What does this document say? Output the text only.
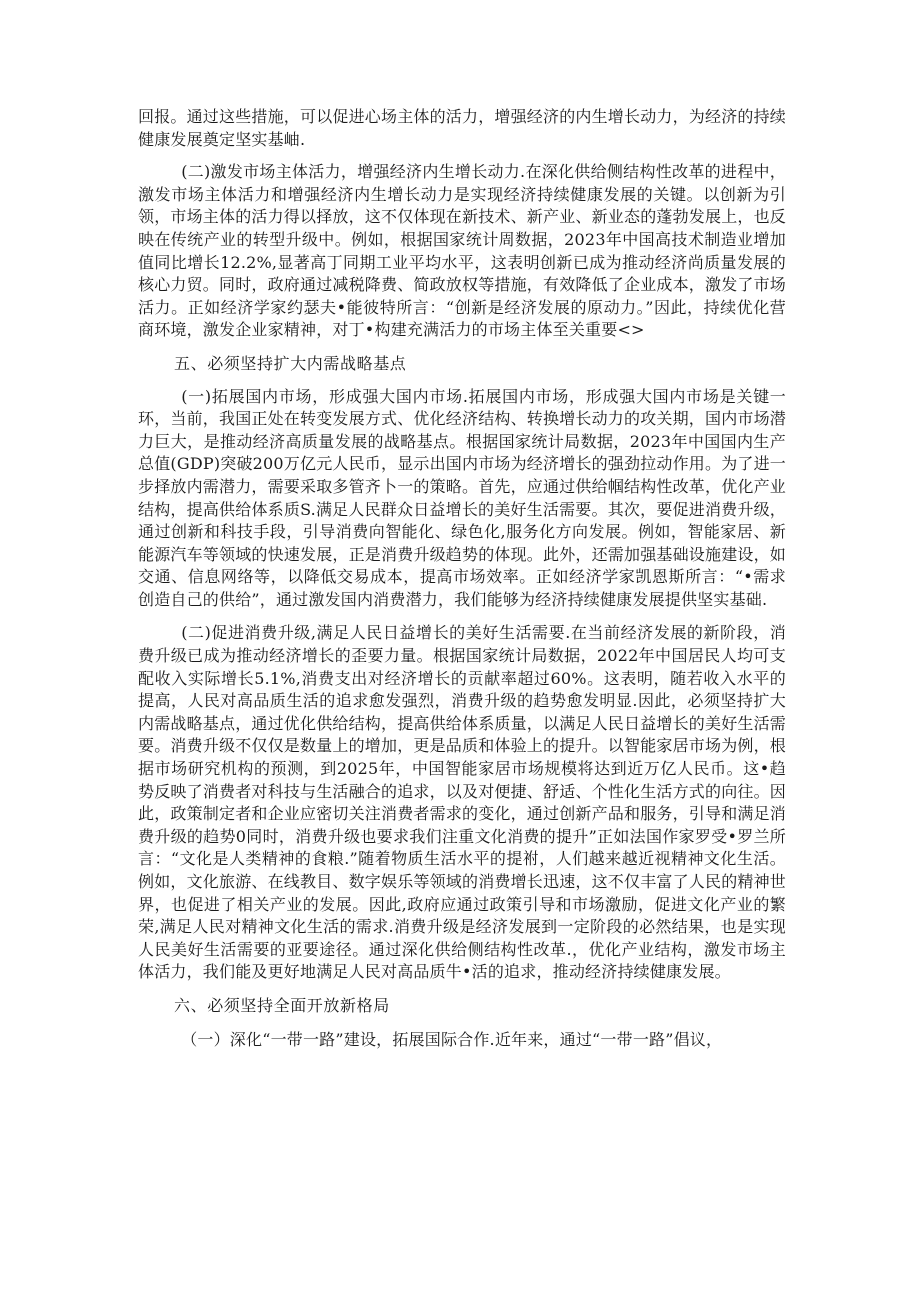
回报。通过这些措施，可以促进心场主体的活力，增强经济的内生增长动力，为经济的持续健康发展奠定坚实基岫.

(二)激发市场主体活力，增强经济内生增长动力.在深化供给侧结构性改革的进程中，激发市场主体活力和增强经济内生增长动力是实现经济持续健康发展的关键。以创新为引领，市场主体的活力得以择放，这不仅体现在新技术、新产业、新业态的蓬勃发展上，也反映在传统产业的转型升级中。例如，根据国家统计周数据，2023年中国高技术制造业增加值同比增长12.2%,显著高丁同期工业平均水平，这表明创新已成为推动经济尚质量发展的核心力贸。同时，政府通过减税降费、简政放权等措施，有效降低了企业成本，激发了市场活力。正如经济学家约瑟夫•能彼特所言：“创新是经济发展的原动力。”因此，持续优化营商环境，激发企业家精神，对丁•构建充满活力的市场主体至关重要<>

五、必须坚持扩大内需战略基点

(一)拓展国内市场，形成强大国内市场.拓展国内市场，形成强大国内市场是关键一环，当前，我国正处在转变发展方式、优化经济结构、转换增长动力的攻关期，国内市场潜力巨大，是推动经济高质量发展的战略基点。根据国家统计局数据，2023年中国国内生产总值(GDP)突破200万亿元人民币，显示出国内市场为经济增长的强劲拉动作用。为了进一步择放内需潜力，需要采取多管齐卜一的策略。首先，应通过供给帼结构性改革，优化产业结构，提高供给体系质S.满足人民群众日益增长的美好生活需要。其次，要促进消费升级，通过创新和科技手段，引导消费向智能化、绿色化,服务化方向发展。例如，智能家居、新能源汽车等领域的快速发展，正是消费升级趋势的体现。此外，还需加强基础设施建设，如交通、信息网络等，以降低交易成本，提高市场效率。正如经济学家凯恩斯所言：“•需求创造自己的供给”，通过激发国内消费潜力，我们能够为经济持续健康发展提供坚实基础.

(二)促进消费升级,满足人民日益增长的美好生活需要.在当前经济发展的新阶段，消费升级已成为推动经济增长的歪要力量。根据国家统计局数据，2022年中国居民人均可支配收入实际增长5.1%,消费支出对经济增长的贡献率超过60%。这表明，随若收入水平的提高，人民对高品质生活的追求愈发强烈，消费升级的趋势愈发明显.因此，必须坚持扩大内需战略基点，通过优化供给结构，提高供给体系质量，以满足人民日益增长的美好生活需要。消费升级不仅仅是数量上的增加，更是品质和体验上的提升。以智能家居市场为例，根据市场研究机构的预测，到2025年，中国智能家居市场规模将达到近万亿人民币。这•趋势反映了消费者对科技与生活融合的追求，以及对便捷、舒适、个性化生活方式的向往。因此，政策制定者和企业应密切关注消费者需求的变化，通过创新产品和服务，引导和满足消费升级的趋势0同时，消费升级也要求我们注重文化消费的提升”正如法国作家罗受•罗兰所言：“文化是人类精神的食粮.”随着物质生活水平的提祔，人们越来越近视精神文化生活。例如，文化旅游、在线教目、数字娱乐等领域的消费增长迅速，这不仅丰富了人民的精神世界，也促进了相关产业的发展。因此,政府应通过政策引导和市场激励，促进文化产业的繁荣,满足人民对精神文化生活的需求.消费升级是经济发展到一定阶段的必然结果，也是实现人民美好生活需要的亚要途径。通过深化供给侧结构性改革.，优化产业结构，激发市场主体活力，我们能及更好地满足人民对高品质牛•活的追求，推动经济持续健康发展。

六、必须坚持全面开放新格局

（一）深化“一带一路”建设，拓展国际合作.近年来，通过“一带一路”倡议，
